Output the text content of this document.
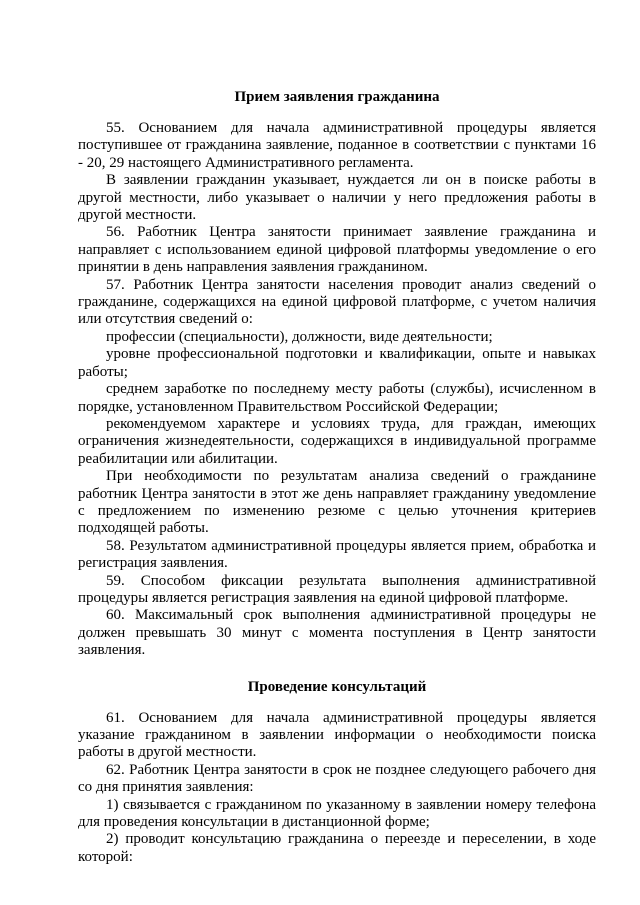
Прием заявления гражданина

55. Основанием для начала административной процедуры является поступившее от гражданина заявление, поданное в соответствии с пунктами 16 - 20, 29 настоящего Административного регламента.

В заявлении гражданин указывает, нуждается ли он в поиске работы в другой местности, либо указывает о наличии у него предложения работы в другой местности.

56. Работник Центра занятости принимает заявление гражданина и направляет с использованием единой цифровой платформы уведомление о его принятии в день направления заявления гражданином.

57. Работник Центра занятости населения проводит анализ сведений о гражданине, содержащихся на единой цифровой платформе, с учетом наличия или отсутствия сведений о:

профессии (специальности), должности, виде деятельности;

уровне профессиональной подготовки и квалификации, опыте и навыках работы;

среднем заработке по последнему месту работы (службы), исчисленном в порядке, установленном Правительством Российской Федерации;

рекомендуемом характере и условиях труда, для граждан, имеющих ограничения жизнедеятельности, содержащихся в индивидуальной программе реабилитации или абилитации.

При необходимости по результатам анализа сведений о гражданине работник Центра занятости в этот же день направляет гражданину уведомление с предложением по изменению резюме с целью уточнения критериев подходящей работы.

58. Результатом административной процедуры является прием, обработка и регистрация заявления.

59. Способом фиксации результата выполнения административной процедуры является регистрация заявления на единой цифровой платформе.

60. Максимальный срок выполнения административной процедуры не должен превышать 30 минут с момента поступления в Центр занятости заявления.

Проведение консультаций

61. Основанием для начала административной процедуры является указание гражданином в заявлении информации о необходимости поиска работы в другой местности.

62. Работник Центра занятости в срок не позднее следующего рабочего дня со дня принятия заявления:

1) связывается с гражданином по указанному в заявлении номеру телефона для проведения консультации в дистанционной форме;

2) проводит консультацию гражданина о переезде и переселении, в ходе которой:
